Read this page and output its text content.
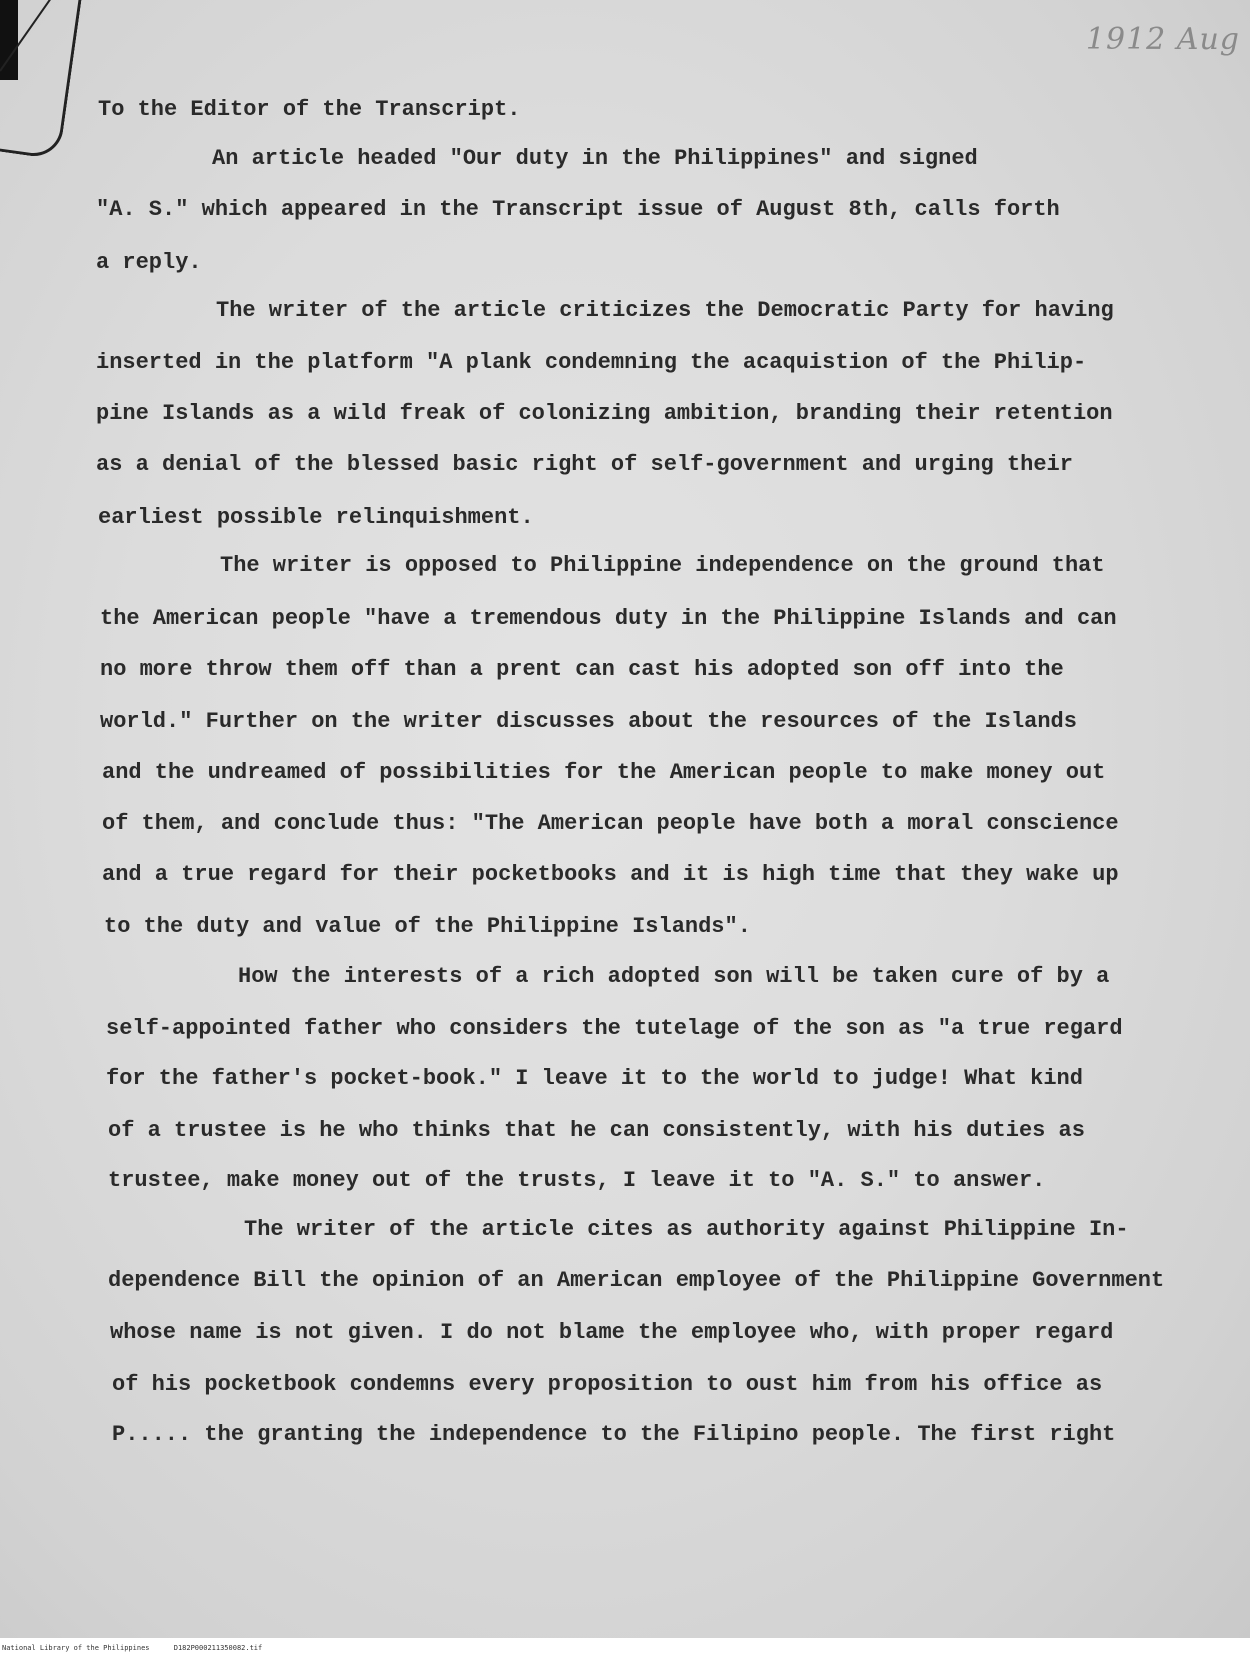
1912 Aug
To the Editor of the Transcript.
An article headed "Our duty in the Philippines" and signed
"A. S." which appeared in the Transcript issue of August 8th, calls forth
a reply.
The writer of the article criticizes the Democratic Party for having
inserted in the platform "A plank condemning the acaquistion of the Philip-
pine Islands as a wild freak of colonizing ambition, branding their retention
as a denial of the blessed basic right of self-government and urging their
earliest possible relinquishment.
The writer is opposed to Philippine independence on the ground that
the American people "have a tremendous duty in the Philippine Islands and can
no more throw them off than a prent can cast his adopted son off into the
world." Further on the writer discusses about the resources of the Islands
and the undreamed of possibilities for the American people to make money out
of them, and conclude thus: "The American people have both a moral conscience
and a true regard for their pocketbooks and it is high time that they wake up
to the duty and value of the Philippine Islands".
How the interests of a rich adopted son will be taken cure of by a
self-appointed father who considers the tutelage of the son as "a true regard
for the father's pocket-book." I leave it to the world to judge! What kind
of a trustee is he who thinks that he can consistently, with his duties as
trustee, make money out of the trusts, I leave it to "A. S." to answer.
The writer of the article cites as authority against Philippine In-
dependence Bill the opinion of an American employee of the Philippine Government
whose name is not given. I do not blame the employee who, with proper regard
of his pocketbook condemns every proposition to oust him from his office as
P..... the granting the independence to the Filipino people. The first right
National Library of the Philippines	D182P000211350082.tif
